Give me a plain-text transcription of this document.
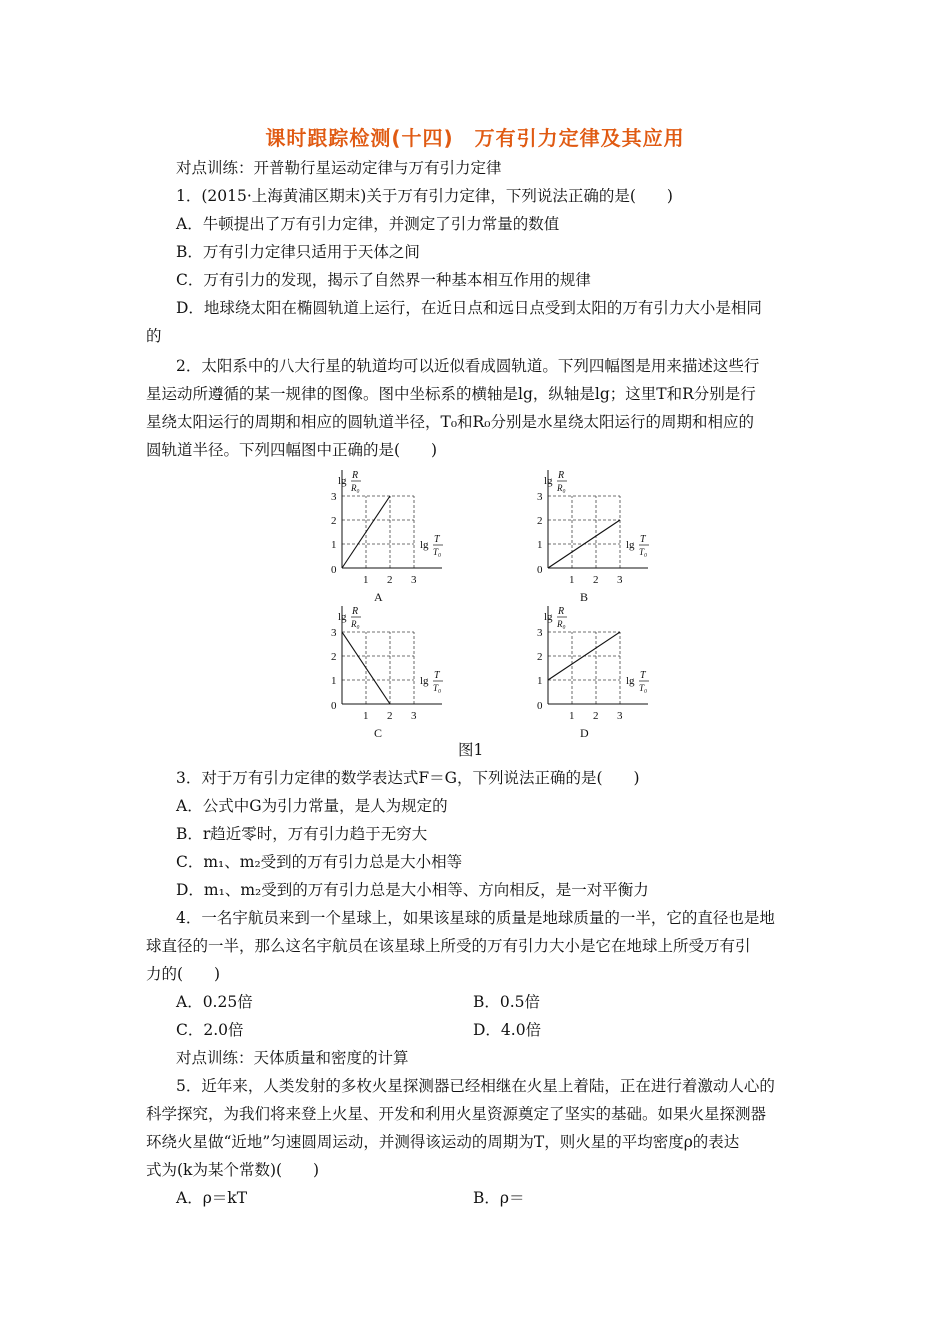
课时跟踪检测(十四)　万有引力定律及其应用
对点训练：开普勒行星运动定律与万有引力定律
1．(2015·上海黄浦区期末)关于万有引力定律，下列说法正确的是(　　)
A．牛顿提出了万有引力定律，并测定了引力常量的数值
B．万有引力定律只适用于天体之间
C．万有引力的发现，揭示了自然界一种基本相互作用的规律
D．地球绕太阳在椭圆轨道上运行，在近日点和远日点受到太阳的万有引力大小是相同
的
2．太阳系中的八大行星的轨道均可以近似看成圆轨道。下列四幅图是用来描述这些行
星运动所遵循的某一规律的图像。图中坐标系的横轴是lg，纵轴是lg；这里T和R分别是行
星绕太阳运行的周期和相应的圆轨道半径，T₀和R₀分别是水星绕太阳运行的周期和相应的
圆轨道半径。下列四幅图中正确的是(　　)
0
1
1
2
2
3
3
lg R
R₀
lg T
T₀
A
0
1
1
2
2
3
3
lg R
R₀
lg T
T₀
B
0
1
1
2
2
3
3
lg R
R₀
lg T
T₀
C
0
1
1
2
2
3
3
lg R
R₀
lg T
T₀
D
图1
3．对于万有引力定律的数学表达式F＝G，下列说法正确的是(　　)
A．公式中G为引力常量，是人为规定的
B．r趋近零时，万有引力趋于无穷大
C．m₁、m₂受到的万有引力总是大小相等
D．m₁、m₂受到的万有引力总是大小相等、方向相反，是一对平衡力
4．一名宇航员来到一个星球上，如果该星球的质量是地球质量的一半，它的直径也是地
球直径的一半，那么这名宇航员在该星球上所受的万有引力大小是它在地球上所受万有引
力的(　　)
A．0.25倍	B．0.5倍
C．2.0倍	D．4.0倍
对点训练：天体质量和密度的计算
5．近年来，人类发射的多枚火星探测器已经相继在火星上着陆，正在进行着激动人心的
科学探究，为我们将来登上火星、开发和利用火星资源奠定了坚实的基础。如果火星探测器
环绕火星做“近地”匀速圆周运动，并测得该运动的周期为T，则火星的平均密度ρ的表达
式为(k为某个常数)(　　)
A．ρ＝kT	B．ρ＝
